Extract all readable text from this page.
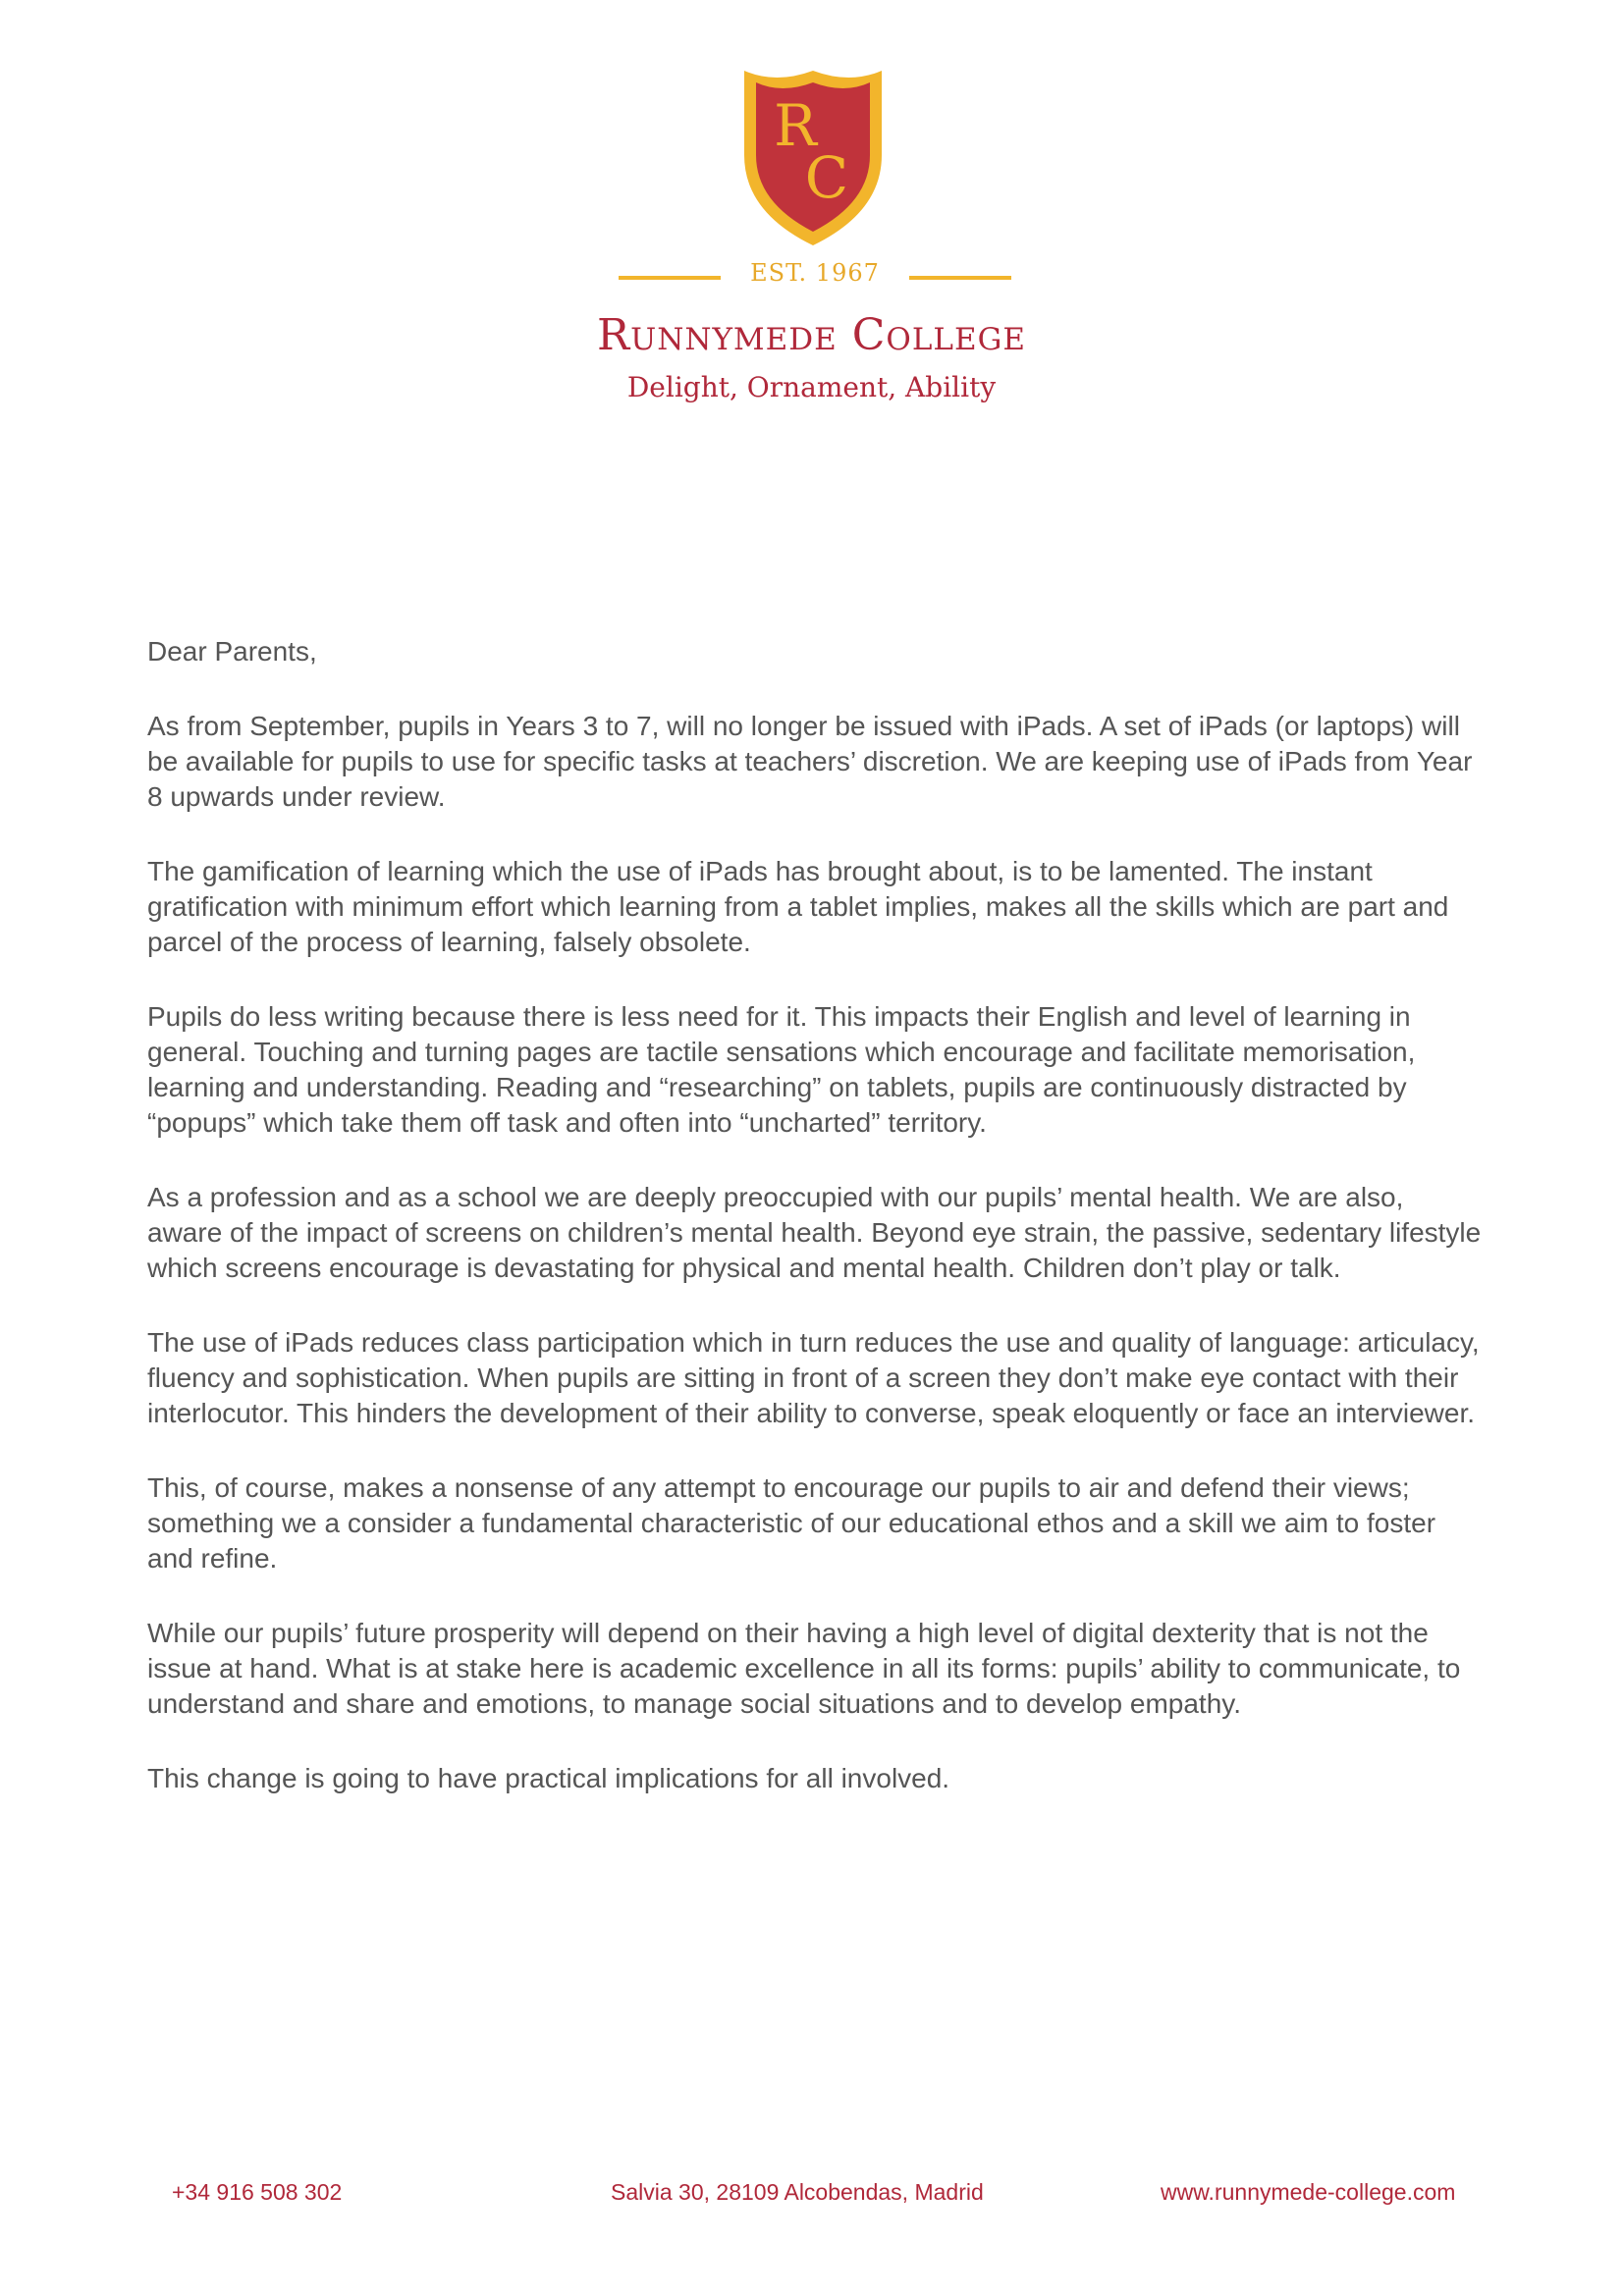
R
C
EST. 1967
Runnymede College
Delight, Ornament, Ability

Dear Parents,

As from September, pupils in Years 3 to 7, will no longer be issued with iPads. A set of iPads (or laptops) will be available for pupils to use for specific tasks at teachers’ discretion. We are keeping use of iPads from Year 8 upwards under review.

The gamification of learning which the use of iPads has brought about, is to be lamented. The instant gratification with minimum effort which learning from a tablet implies, makes all the skills which are part and parcel of the process of learning, falsely obsolete.

Pupils do less writing because there is less need for it. This impacts their English and level of learning in general. Touching and turning pages are tactile sensations which encourage and facilitate memorisation, learning and understanding. Reading and “researching” on tablets, pupils are continuously distracted by “popups” which take them off task and often into “uncharted” territory.

As a profession and as a school we are deeply preoccupied with our pupils’ mental health. We are also, aware of the impact of screens on children’s mental health. Beyond eye strain, the passive, sedentary lifestyle which screens encourage is devastating for physical and mental health. Children don’t play or talk.

The use of iPads reduces class participation which in turn reduces the use and quality of language: articulacy, fluency and sophistication. When pupils are sitting in front of a screen they don’t make eye contact with their interlocutor. This hinders the development of their ability to converse, speak eloquently or face an interviewer.

This, of course, makes a nonsense of any attempt to encourage our pupils to air and defend their views; something we a consider a fundamental characteristic of our educational ethos and a skill we aim to foster and refine.

While our pupils’ future prosperity will depend on their having a high level of digital dexterity that is not the issue at hand. What is at stake here is academic excellence in all its forms: pupils’ ability to communicate, to understand and share and emotions, to manage social situations and to develop empathy.

This change is going to have practical implications for all involved.

+34 916 508 302	Salvia 30, 28109 Alcobendas, Madrid	www.runnymede-college.com
